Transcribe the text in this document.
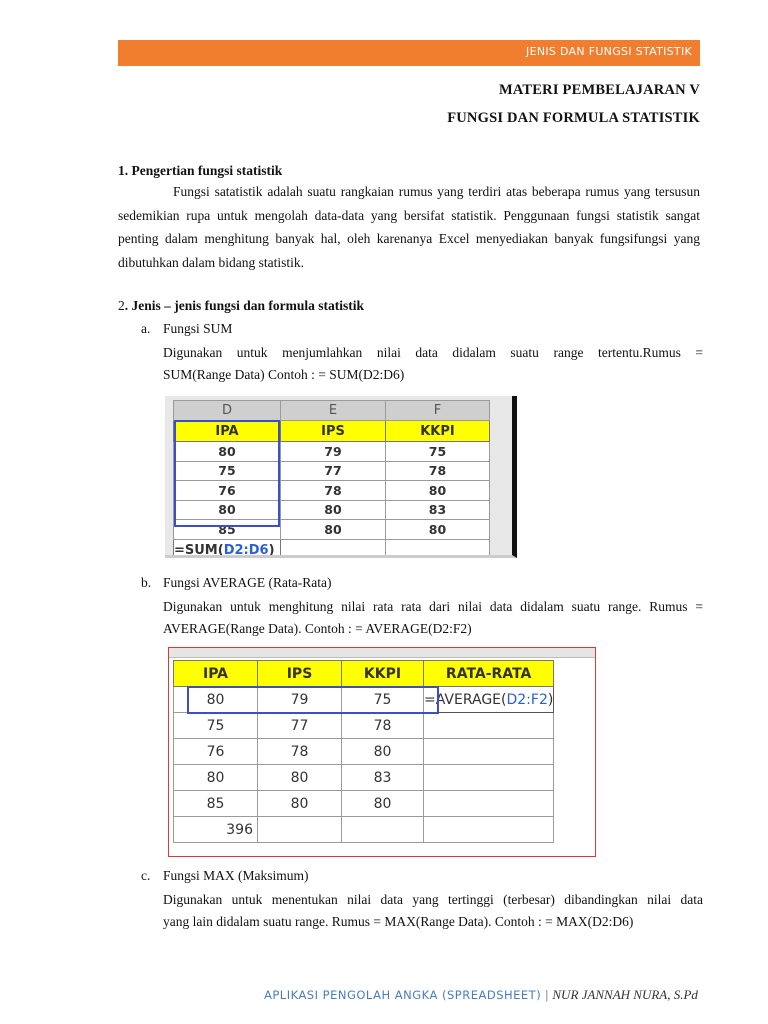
JENIS DAN FUNGSI STATISTIK
MATERI PEMBELAJARAN V
FUNGSI DAN FORMULA STATISTIK
1. Pengertian fungsi statistik
Fungsi satatistik adalah suatu rangkaian rumus yang terdiri atas beberapa rumus yang tersusun sedemikian rupa untuk mengolah data-data yang bersifat statistik. Penggunaan fungsi statistik sangat penting dalam menghitung banyak hal, oleh karenanya Excel menyediakan banyak fungsifungsi yang dibutuhkan dalam bidang statistik.
2. Jenis – jenis fungsi dan formula statistik
a. Fungsi SUM
Digunakan untuk menjumlahkan nilai data didalam suatu range tertentu.Rumus =
SUM(Range Data) Contoh : = SUM(D2:D6)
D	E	F
IPA	IPS	KKPI
80	79	75
75	77	78
76	78	80
80	80	83
85	80	80
=SUM(D2:D6)		
b. Fungsi AVERAGE (Rata-Rata)
Digunakan untuk menghitung nilai rata rata dari nilai data didalam suatu range. Rumus =
AVERAGE(Range Data). Contoh : = AVERAGE(D2:F2)
IPA	IPS	KKPI	RATA-RATA
80	79	75	=AVERAGE(D2:F2)
75	77	78	
76	78	80	
80	80	83	
85	80	80	
396			
c. Fungsi MAX (Maksimum)
Digunakan untuk menentukan nilai data yang tertinggi (terbesar) dibandingkan nilai data
yang lain didalam suatu range. Rumus = MAX(Range Data). Contoh : = MAX(D2:D6)
APLIKASI PENGOLAH ANGKA (SPREADSHEET) | NUR JANNAH NURA, S.Pd
